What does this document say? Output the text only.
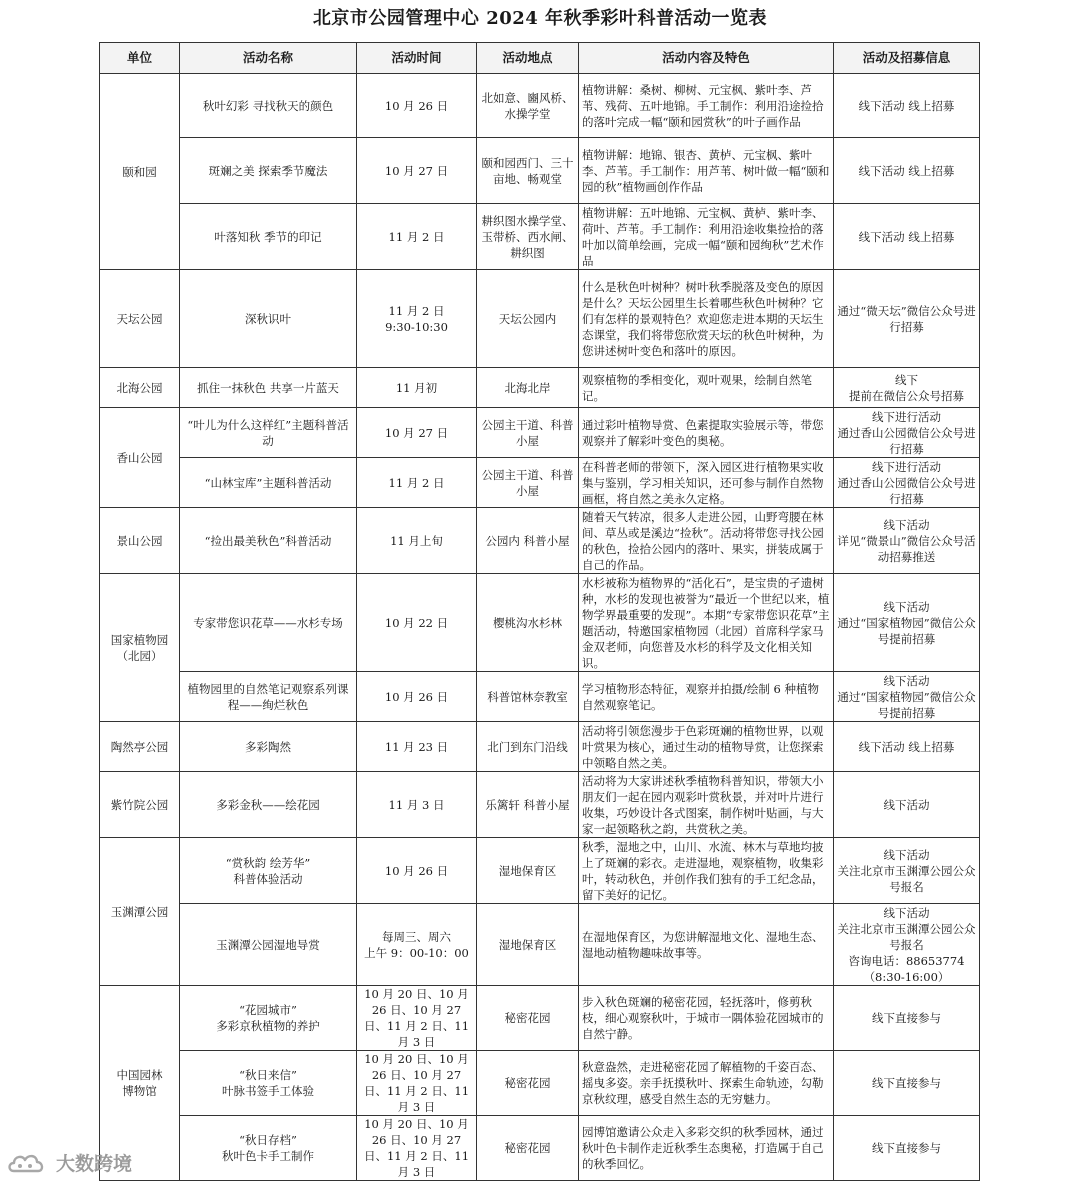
北京市公园管理中心 2024 年秋季彩叶科普活动一览表
单位	活动名称	活动时间	活动地点	活动内容及特色	活动及招募信息
颐和园	秋叶幻彩 寻找秋天的颜色	10 月 26 日	北如意、豳风桥、水操学堂	植物讲解：桑树、柳树、元宝枫、紫叶李、芦苇、残荷、五叶地锦。手工制作：利用沿途捡拾的落叶完成一幅“颐和园赏秋”的叶子画作品	线下活动 线上招募
	斑斓之美 探索季节魔法	10 月 27 日	颐和园西门、三十亩地、畅观堂	植物讲解：地锦、银杏、黄栌、元宝枫、紫叶李、芦苇。手工制作：用芦苇、树叶做一幅“颐和园的秋”植物画创作作品	线下活动 线上招募
	叶落知秋 季节的印记	11 月 2 日	耕织图水操学堂、玉带桥、西水闸、耕织图	植物讲解：五叶地锦、元宝枫、黄栌、紫叶李、荷叶、芦苇。手工制作：利用沿途收集捡拾的落叶加以简单绘画，完成一幅“颐和园绚秋”艺术作品	线下活动 线上招募
天坛公园	深秋识叶	11 月 2 日
9:30-10:30	天坛公园内	什么是秋色叶树种？树叶秋季脱落及变色的原因是什么？天坛公园里生长着哪些秋色叶树种？它们有怎样的景观特色？欢迎您走进本期的天坛生态课堂，我们将带您欣赏天坛的秋色叶树种，为您讲述树叶变色和落叶的原因。	通过“微天坛”微信公众号进行招募
北海公园	抓住一抹秋色 共享一片蓝天	11 月初	北海北岸	观察植物的季相变化，观叶观果，绘制自然笔记。	线下
提前在微信公众号招募
香山公园	“叶儿为什么这样红”主题科普活动	10 月 27 日	公园主干道、科普小屋	通过彩叶植物导赏、色素提取实验展示等，带您观察并了解彩叶变色的奥秘。	线下进行活动
通过香山公园微信公众号进行招募
	“山林宝库”主题科普活动	11 月 2 日	公园主干道、科普小屋	在科普老师的带领下，深入园区进行植物果实收集与鉴别，学习相关知识，还可参与制作自然物画框，将自然之美永久定格。	线下进行活动
通过香山公园微信公众号进行招募
景山公园	“捡出最美秋色”科普活动	11 月上旬	公园内 科普小屋	随着天气转凉，很多人走进公园，山野弯腰在林间、草丛或是溪边“捡秋”。活动将带您寻找公园的秋色，捡拾公园内的落叶、果实，拼装成属于自己的作品。	线下活动
详见“微景山”微信公众号活动招募推送
国家植物园
（北园）	专家带您识花草——水杉专场	10 月 22 日	樱桃沟水杉林	水杉被称为植物界的“活化石”，是宝贵的孑遗树种，水杉的发现也被誉为“最近一个世纪以来，植物学界最重要的发现”。本期“专家带您识花草”主题活动，特邀国家植物园（北园）首席科学家马金双老师，向您普及水杉的科学及文化相关知识。	线下活动
通过“国家植物园”微信公众号提前招募
	植物园里的自然笔记观察系列课程——绚烂秋色	10 月 26 日	科普馆林奈教室	学习植物形态特征，观察并拍摄/绘制 6 种植物自然观察笔记。	线下活动
通过“国家植物园”微信公众号提前招募
陶然亭公园	多彩陶然	11 月 23 日	北门到东门沿线	活动将引领您漫步于色彩斑斓的植物世界，以观叶赏果为核心，通过生动的植物导赏，让您探索中领略自然之美。	线下活动 线上招募
紫竹院公园	多彩金秋——绘花园	11 月 3 日	乐篱轩 科普小屋	活动将为大家讲述秋季植物科普知识，带领大小朋友们一起在园内观彩叶赏秋景，并对叶片进行收集，巧妙设计各式图案，制作树叶贴画，与大家一起领略秋之韵，共赏秋之美。	线下活动
玉渊潭公园	“赏秋韵 绘芳华”
科普体验活动	10 月 26 日	湿地保育区	秋季，湿地之中，山川、水流、林木与草地均披上了斑斓的彩衣。走进湿地，观察植物，收集彩叶，转动秋色，并创作我们独有的手工纪念品，留下美好的记忆。	线下活动
关注北京市玉渊潭公园公众号报名
	玉渊潭公园湿地导赏	每周三、周六
上午 9：00-10：00	湿地保育区	在湿地保育区，为您讲解湿地文化、湿地生态、湿地动植物趣味故事等。	线下活动
关注北京市玉渊潭公园公众号报名
咨询电话：88653774
（8:30-16:00）
中国园林
博物馆	“花园城市”
多彩京秋植物的养护	10 月 20 日、10 月 26 日、10 月 27 日、11 月 2 日、11 月 3 日	秘密花园	步入秋色斑斓的秘密花园，轻抚落叶，修剪秋枝，细心观察秋叶，于城市一隅体验花园城市的自然宁静。	线下直接参与
	“秋日来信”
叶脉书签手工体验	10 月 20 日、10 月 26 日、10 月 27 日、11 月 2 日、11 月 3 日	秘密花园	秋意盎然，走进秘密花园了解植物的千姿百态、摇曳多姿。亲手抚摸秋叶、探索生命轨迹，勾勒京秋纹理，感受自然生态的无穷魅力。	线下直接参与
	“秋日存档”
秋叶色卡手工制作	10 月 20 日、10 月 26 日、10 月 27 日、11 月 2 日、11 月 3 日	秘密花园	园博馆邀请公众走入多彩交织的秋季园林，通过秋叶色卡制作走近秋季生态奥秘，打造属于自己的秋季回忆。	线下直接参与
大数跨境
